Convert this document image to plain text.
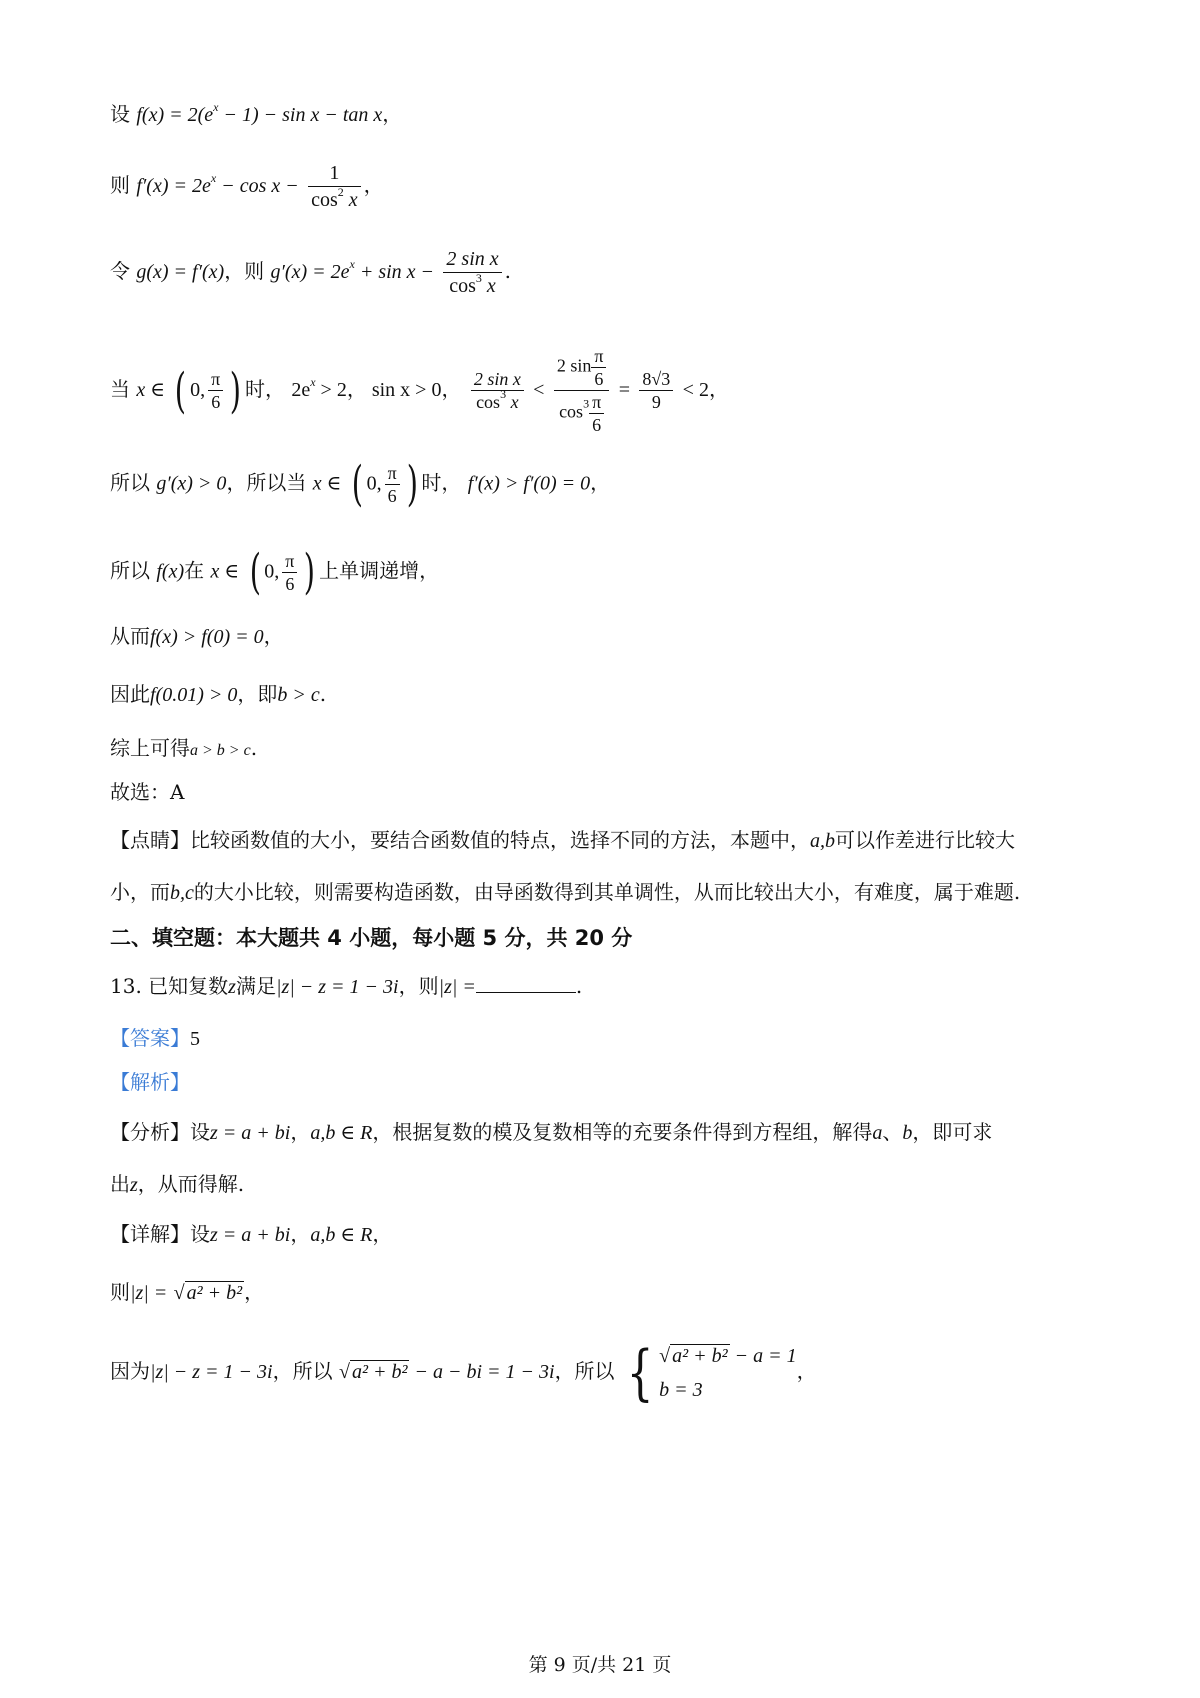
设 $f(x) = 2(e^x - 1) - \sin x - \tan x$，
则 $f'(x) = 2e^x - \cos x - \frac{1}{\cos^2 x}$ ，
令 g(x) = f′(x)，则 $g'(x) = 2e^x + \sin x - \frac{\text{2 sin x}}{\cos^3 x}$ .
当 x ∈ ( 0, $\frac{\pi}{6}$ ) 时， $2e^x > 2$， sin x > 0， $\frac{\text{2 sin x}}{\cos^3 x} < \frac{2 \sin \frac{\pi}{6}}{\cos^3 \frac{\pi}{6}} = \frac{8√3}{9} < 2$，
所以 g′(x) > 0，所以当 x ∈ ( 0, $\frac{\pi}{6}$ ) 时， f′(x) > f′(0) = 0，
所以 f(x)在 x ∈ ( 0, $\frac{\pi}{6}$ ) 上单调递增，
从而f(x) > f(0) = 0，
因此f(0.01) > 0，即b > c.
综上可得a > b > c.
故选：A
【点睛】比较函数值的大小，要结合函数值的特点，选择不同的方法，本题中，a,b可以作差进行比较大
小，而b,c的大小比较，则需要构造函数，由导函数得到其单调性，从而比较出大小，有难度，属于难题.
二、填空题：本大题共 4 小题，每小题 5 分，共 20 分
13. 已知复数z满足|z| − z = 1 − 3i，则|z| =	.
【答案】5
【解析】
【分析】设z = a + bi，a,b ∈ R，根据复数的模及复数相等的充要条件得到方程组，解得a、b，即可求
出z，从而得解.
【详解】设z = a + bi，a,b ∈ R，
则|z| = √ a² + b² ，
因为|z| − z = 1 − 3i，所以 √ a² + b² − a − bi = 1 − 3i，所以 { √ a² + b² − a = 1
b = 3
，
第 9 页/共 21 页
